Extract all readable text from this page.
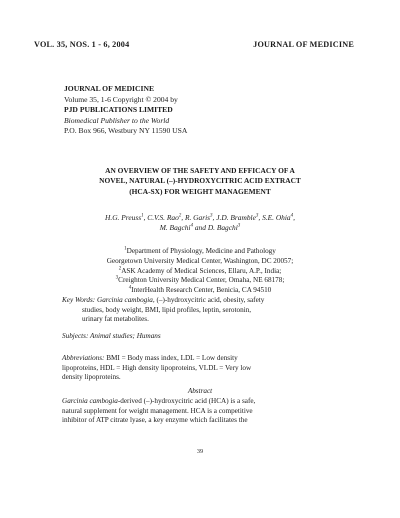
VOL. 35, NOS. 1 - 6, 2004	JOURNAL OF MEDICINE
JOURNAL OF MEDICINE
Volume 35, 1-6 Copyright © 2004 by
PJD PUBLICATIONS LIMITED
Biomedical Publisher to the World
P.O. Box 966, Westbury NY 11590 USA
AN OVERVIEW OF THE SAFETY AND EFFICACY OF A
NOVEL, NATURAL (–)-HYDROXYCITRIC ACID EXTRACT
(HCA-SX) FOR WEIGHT MANAGEMENT
H.G. Preuss$^1$, C.V.S. Rao$^2$, R. Garis$^3$, J.D. Bramble$^3$, S.E. Ohia$^4$,
M. Bagchi$^4$ and D. Bagchi$^3$
$^1$Department of Physiology, Medicine and Pathology
Georgetown University Medical Center, Washington, DC 20057;
$^2$ASK Academy of Medical Sciences, Ellaru, A.P., India;
$^3$Creighton University Medical Center, Omaha, NE 68178;
$^4$InterHealth Research Center, Benicia, CA 94510
Key Words: Garcinia cambogia, (–)-hydroxycitric acid, obesity, safety
studies, body weight, BMI, lipid profiles, leptin, serotonin,
urinary fat metabolites.
Subjects: Animal studies; Humans
Abbreviations: BMI = Body mass index, LDL = Low density
lipoproteins, HDL = High density lipoproteins, VLDL = Very low
density lipoproteins.
Abstract
Garcinia cambogia-derived (–)-hydroxycitric acid (HCA) is a safe,
natural supplement for weight management. HCA is a competitive
inhibitor of ATP citrate lyase, a key enzyme which facilitates the
39
